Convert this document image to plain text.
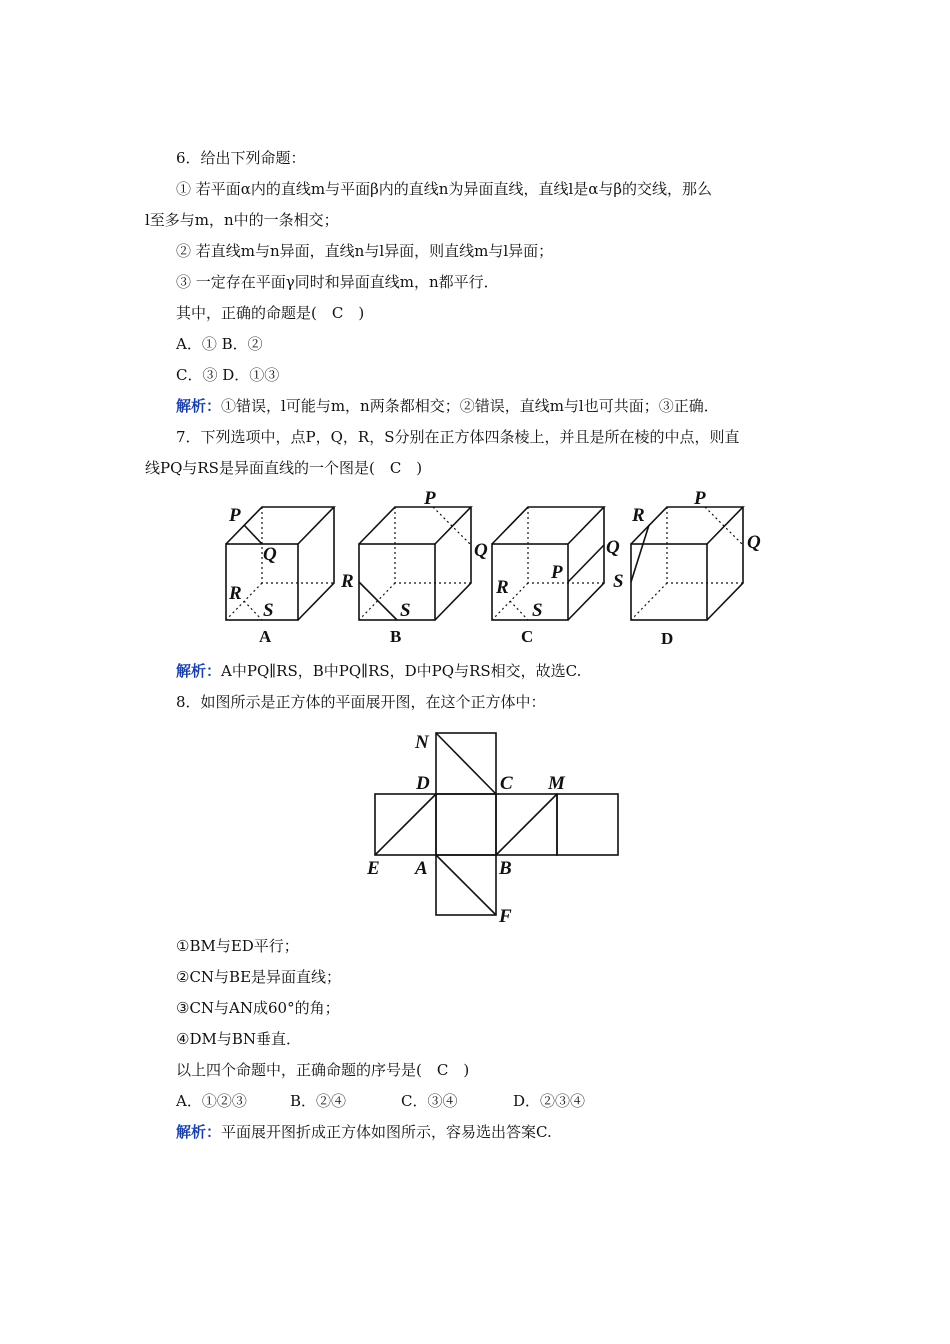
6．给出下列命题：
① 若平面α内的直线m与平面β内的直线n为异面直线，直线l是α与β的交线，那么
l至多与m，n中的一条相交；
② 若直线m与n异面，直线n与l异面，则直线m与l异面；
③ 一定存在平面γ同时和异面直线m，n都平行．
其中，正确的命题是(　C　)
A．① B．②
C．③ D．①③
解析：①错误，l可能与m，n两条都相交；②错误，直线m与l也可共面；③正确．
7．下列选项中，点P，Q，R，S分别在正方体四条棱上，并且是所在棱的中点，则直
线PQ与RS是异面直线的一个图是(　C　)
P
Q
R
S
A
P
Q
R
S
B
Q
P
R
S
C
P
Q
R
S
D
N
D	C M
E A	B
F
解析：A中PQ∥RS，B中PQ∥RS，D中PQ与RS相交，故选C.
8．如图所示是正方体的平面展开图，在这个正方体中：
①BM与ED平行；
②CN与BE是异面直线；
③CN与AN成60°的角；
④DM与BN垂直．
以上四个命题中，正确命题的序号是(　C　)
A．①②③	B．②④	C．③④	D．②③④
解析：平面展开图折成正方体如图所示，容易选出答案C.
